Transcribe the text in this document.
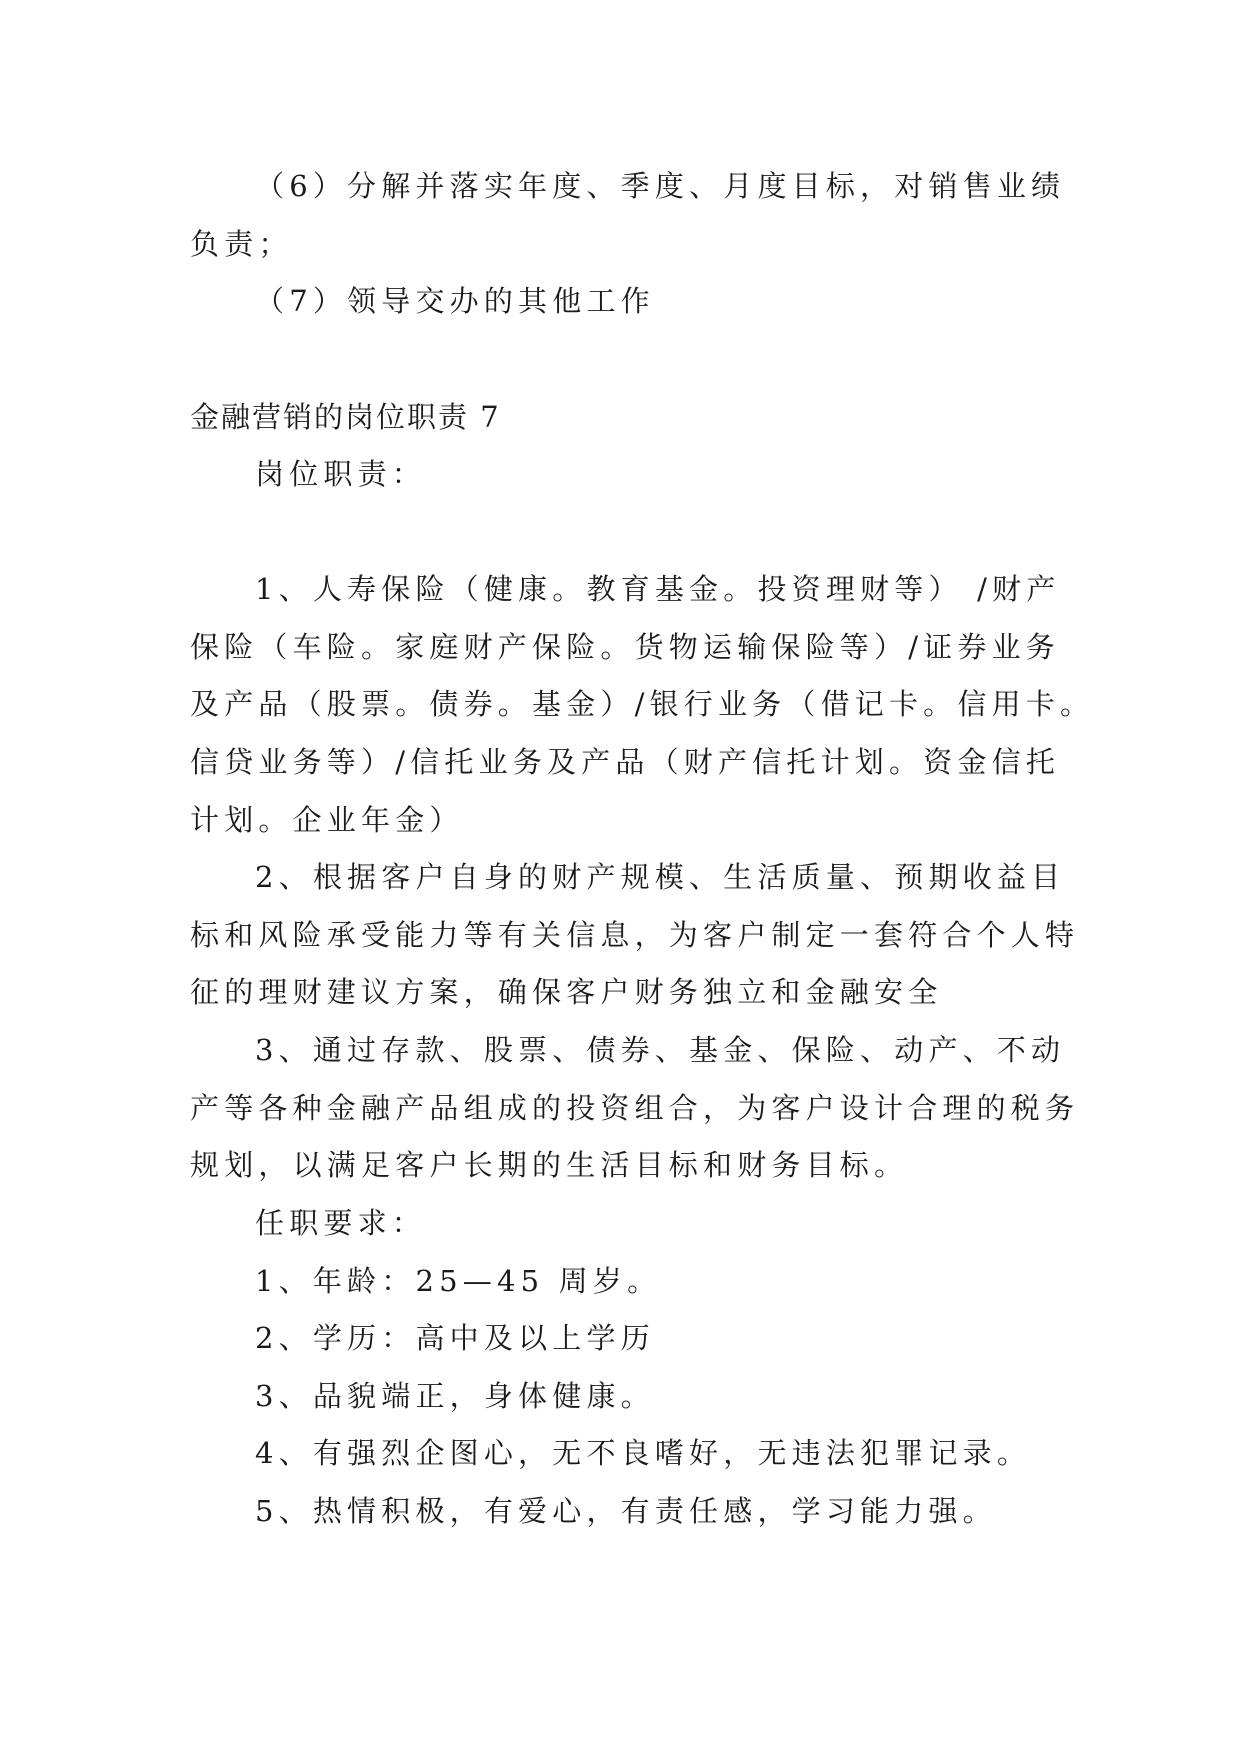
（6）分解并落实年度、季度、月度目标，对销售业绩
负责；
（7）领导交办的其他工作
金融营销的岗位职责 7
岗位职责：
1、人寿保险（健康。教育基金。投资理财等） /财产
保险（车险。家庭财产保险。货物运输保险等）/证券业务
及产品（股票。债券。基金）/银行业务（借记卡。信用卡。
信贷业务等）/信托业务及产品（财产信托计划。资金信托
计划。企业年金）
2、根据客户自身的财产规模、生活质量、预期收益目
标和风险承受能力等有关信息，为客户制定一套符合个人特
征的理财建议方案，确保客户财务独立和金融安全
3、通过存款、股票、债券、基金、保险、动产、不动
产等各种金融产品组成的投资组合，为客户设计合理的税务
规划，以满足客户长期的生活目标和财务目标。
任职要求：
1、年龄：25—45 周岁。
2、学历：高中及以上学历
3、品貌端正，身体健康。
4、有强烈企图心，无不良嗜好，无违法犯罪记录。
5、热情积极，有爱心，有责任感，学习能力强。
